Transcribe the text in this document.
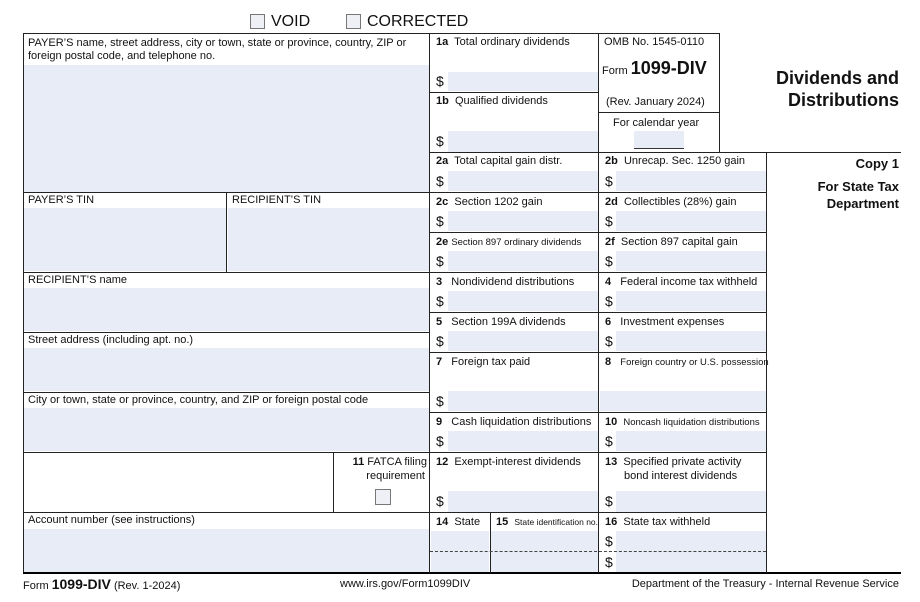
VOID	CORRECTED
PAYER’S name, street address, city or town, state or province, country, ZIP or foreign postal code, and telephone no.
PAYER’S TIN	RECIPIENT’S TIN
RECIPIENT’S name
Street address (including apt. no.)
City or town, state or province, country, and ZIP or foreign postal code
Account number (see instructions)
11 FATCA filing
requirement
1a Total ordinary dividends
$
1b Qualified dividends
$
OMB No. 1545-0110
Form 1099-DIV
(Rev. January 2024)
For calendar year
Dividends and
Distributions
Copy 1
For State Tax
Department
2a Total capital gain distr.
$
2b Unrecap. Sec. 1250 gain
$
2c Section 1202 gain
$
2d Collectibles (28%) gain
$
2e Section 897 ordinary dividends
$
2f Section 897 capital gain
$
3 Nondividend distributions
$
4 Federal income tax withheld
$
5 Section 199A dividends
$
6 Investment expenses
$
7 Foreign tax paid
$
8 Foreign country or U.S. possession
9 Cash liquidation distributions
$
10 Noncash liquidation distributions
$
12 Exempt-interest dividends
$
13 Specified private activity
bond interest dividends
$
14 State 15 State identification no. 16 State tax withheld
$
$
Form 1099-DIV (Rev. 1-2024)	www.irs.gov/Form1099DIV	Department of the Treasury - Internal Revenue Service
